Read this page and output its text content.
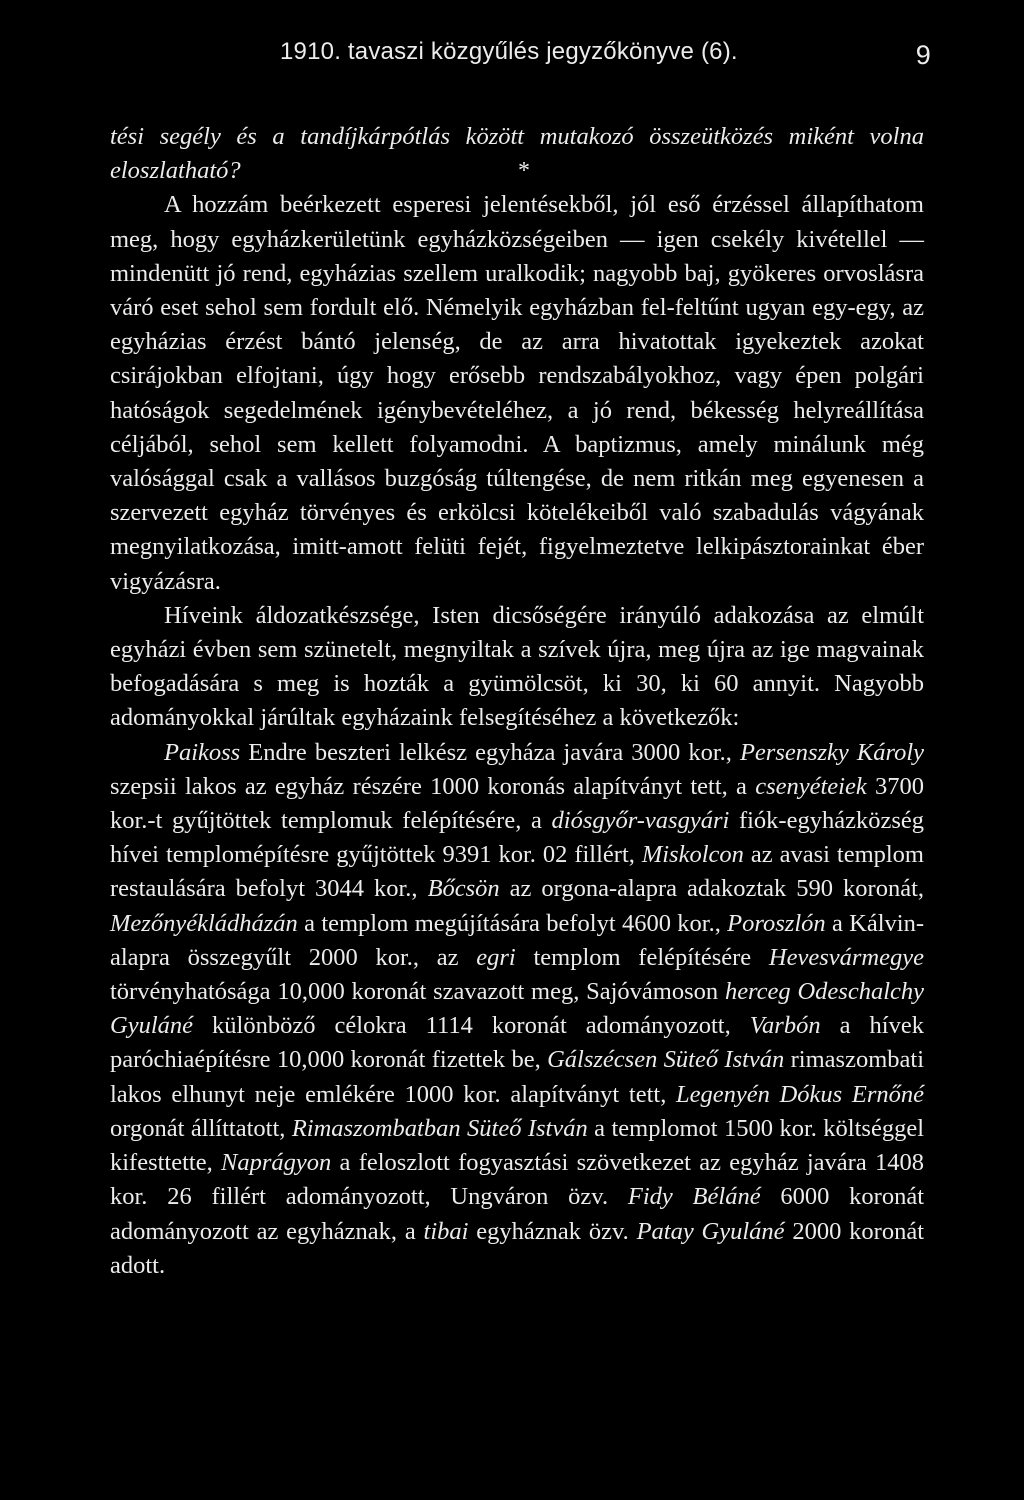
1910. tavaszi közgyűlés jegyzőkönyve (6).	9
*

tési segély és a tandíjkárpótlás között mutakozó összeütközés miként volna eloszlatható?

A hozzám beérkezett esperesi jelentésekből, jól eső érzéssel állapíthatom meg, hogy egyházkerületünk egyházközségeiben — igen csekély kivétellel — mindenütt jó rend, egyházias szellem uralkodik; nagyobb baj, gyökeres orvoslásra váró eset sehol sem fordult elő. Némelyik egyházban fel-feltűnt ugyan egy-egy, az egyházias érzést bántó jelenség, de az arra hivatottak igyekeztek azokat csirájokban elfojtani, úgy hogy erősebb rendszabályokhoz, vagy épen polgári hatóságok segedelmének igénybevételéhez, a jó rend, békesség helyreállítása céljából, sehol sem kellett folyamodni. A baptizmus, amely minálunk még valósággal csak a vallásos buzgóság túltengése, de nem ritkán meg egyenesen a szervezett egyház törvényes és erkölcsi kötelékeiből való szabadulás vágyának megnyilatkozása, imitt-amott felüti fejét, figyelmeztetve lelkipásztorainkat éber vigyázásra.

Híveink áldozatkészsége, Isten dicsőségére irányúló adakozása az elmúlt egyházi évben sem szünetelt, megnyiltak a szívek újra, meg újra az ige magvainak befogadására s meg is hozták a gyümölcsöt, ki 30, ki 60 annyit. Nagyobb adományokkal járúltak egyházaink felsegítéséhez a következők:

Paikoss Endre beszteri lelkész egyháza javára 3000 kor., Persenszky Károly szepsii lakos az egyház részére 1000 koronás alapítványt tett, a csenyéteiek 3700 kor.-t gyűjtöttek templomuk felépítésére, a diósgyőr-vasgyári fiók-egyházközség hívei templomépítésre gyűjtöttek 9391 kor. 02 fillért, Miskolcon az avasi templom restaulására befolyt 3044 kor., Bőcsön az orgona-alapra adakoztak 590 koronát, Mezőnyékládházán a templom megújítására befolyt 4600 kor., Poroszlón a Kálvin-alapra összegyűlt 2000 kor., az egri templom felépítésére Hevesvármegye törvényhatósága 10,000 koronát szavazott meg, Sajóvámoson herceg Odeschalchy Gyuláné különböző célokra 1114 koronát adományozott, Varbón a hívek paróchiaépítésre 10,000 koronát fizettek be, Gálszécsen Süteő István rimaszombati lakos elhunyt neje emlékére 1000 kor. alapítványt tett, Legenyén Dókus Ernőné orgonát állíttatott, Rimaszombatban Süteő István a templomot 1500 kor. költséggel kifesttette, Naprágyon a feloszlott fogyasztási szövetkezet az egyház javára 1408 kor. 26 fillért adományozott, Ungváron özv. Fidy Béláné 6000 koronát adományozott az egyháznak, a tibai egyháznak özv. Patay Gyuláné 2000 koronát adott.
